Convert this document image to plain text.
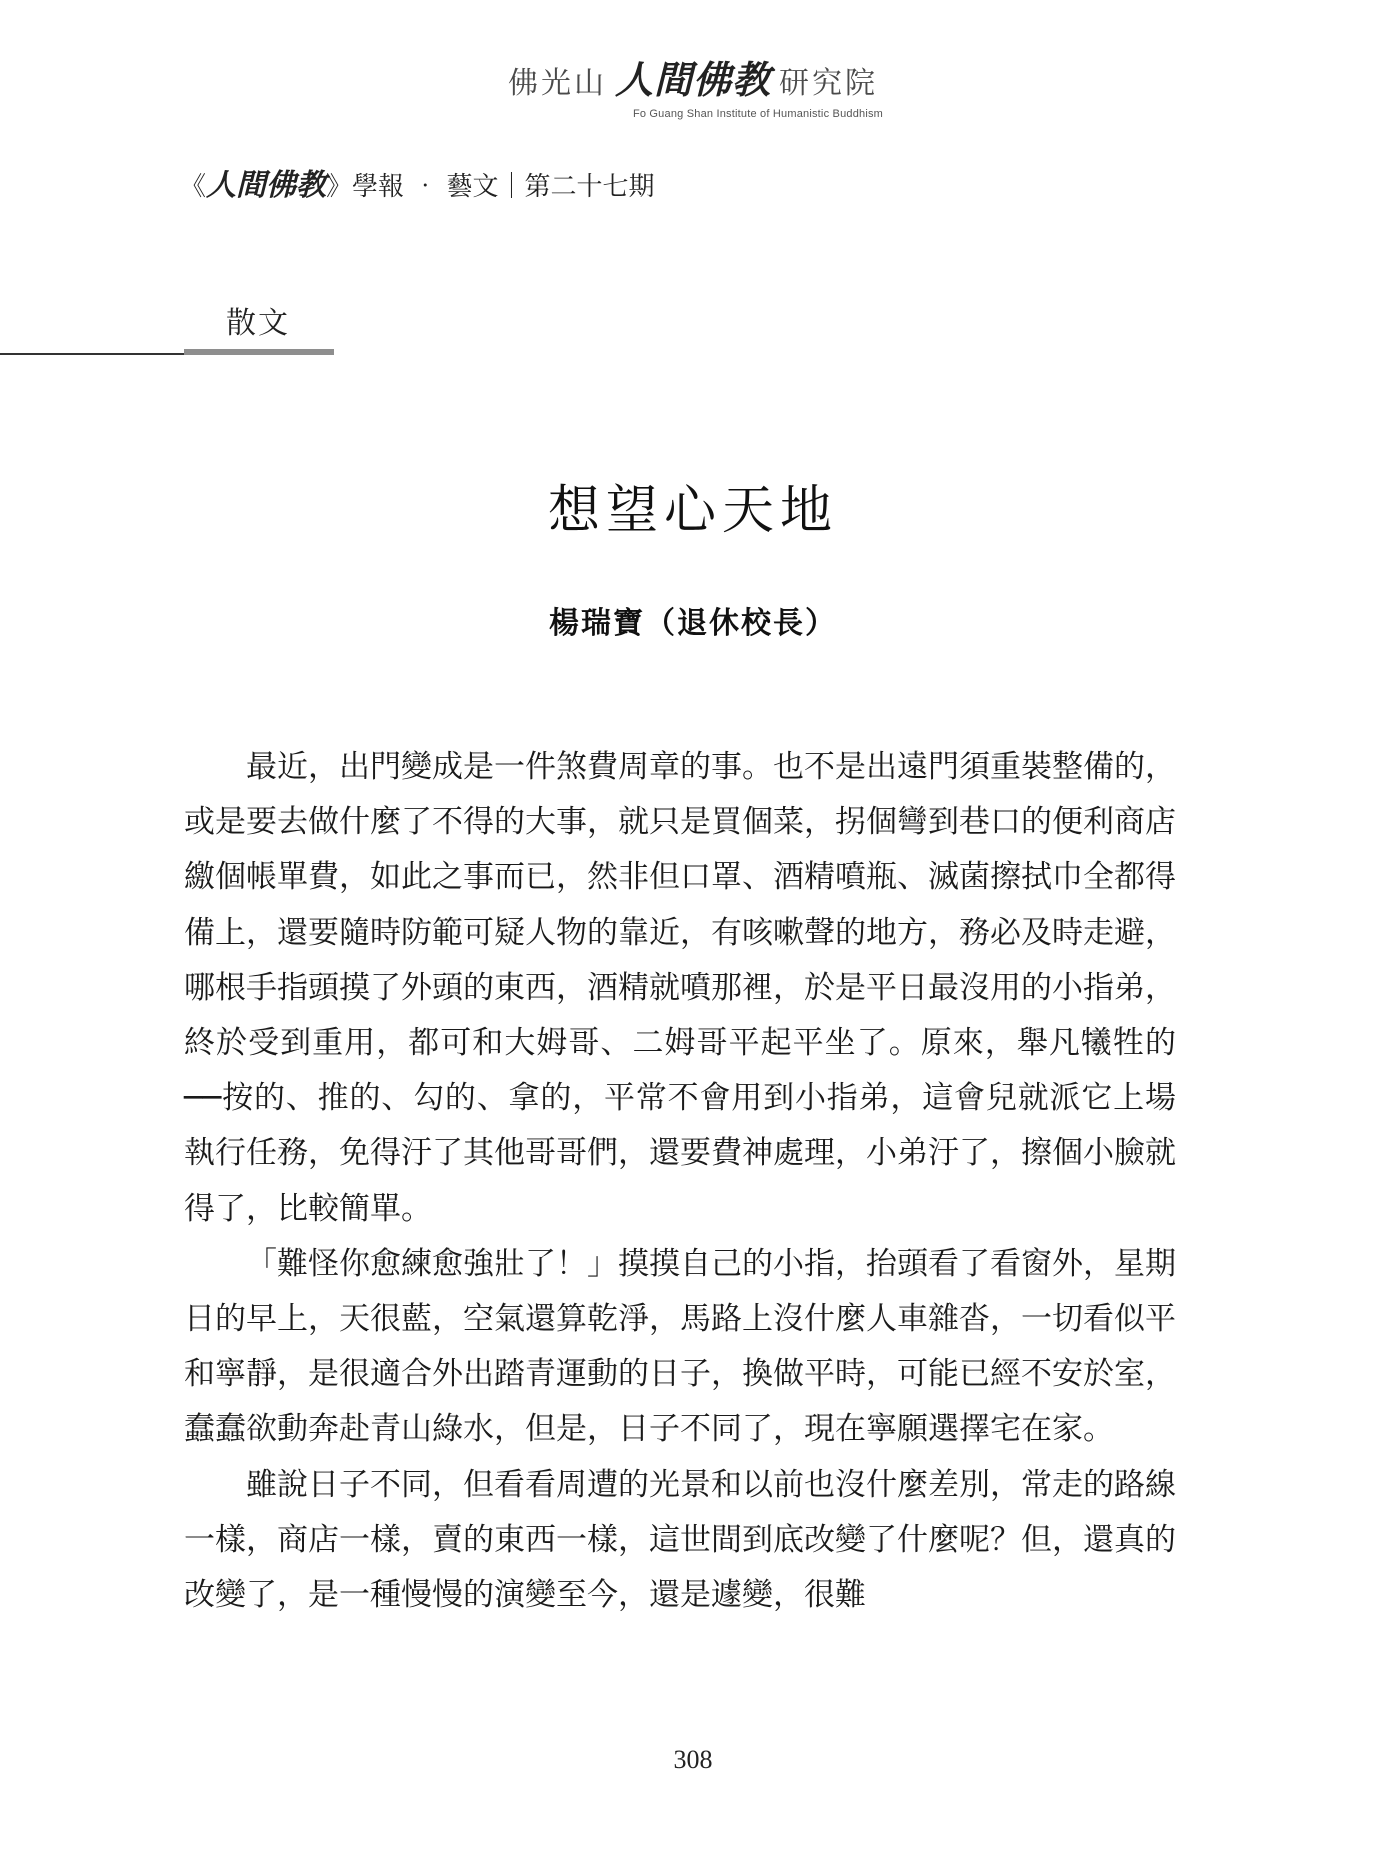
佛光山 人間佛教 研究院
Fo Guang Shan Institute of Humanistic Buddhism
《人間佛教》學報 ‧ 藝文｜第二十七期
散文
想望心天地
楊瑞寶（退休校長）

最近，出門變成是一件煞費周章的事。也不是出遠門須重裝整備的，或是要去做什麼了不得的大事，就只是買個菜，拐個彎到巷口的便利商店繳個帳單費，如此之事而已，然非但口罩、酒精噴瓶、滅菌擦拭巾全都得備上，還要隨時防範可疑人物的靠近，有咳嗽聲的地方，務必及時走避，哪根手指頭摸了外頭的東西，酒精就噴那裡，於是平日最沒用的小指弟，終於受到重用，都可和大姆哥、二姆哥平起平坐了。原來，舉凡犧牲的──按的、推的、勾的、拿的，平常不會用到小指弟，這會兒就派它上場執行任務，免得汙了其他哥哥們，還要費神處理，小弟汙了，擦個小臉就得了，比較簡單。

「難怪你愈練愈強壯了！」摸摸自己的小指，抬頭看了看窗外，星期日的早上，天很藍，空氣還算乾淨，馬路上沒什麼人車雜沓，一切看似平和寧靜，是很適合外出踏青運動的日子，換做平時，可能已經不安於室，蠢蠢欲動奔赴青山綠水，但是，日子不同了，現在寧願選擇宅在家。

雖說日子不同，但看看周遭的光景和以前也沒什麼差別，常走的路線一樣，商店一樣，賣的東西一樣，這世間到底改變了什麼呢？但，還真的改變了，是一種慢慢的演變至今，還是遽變，很難

308
